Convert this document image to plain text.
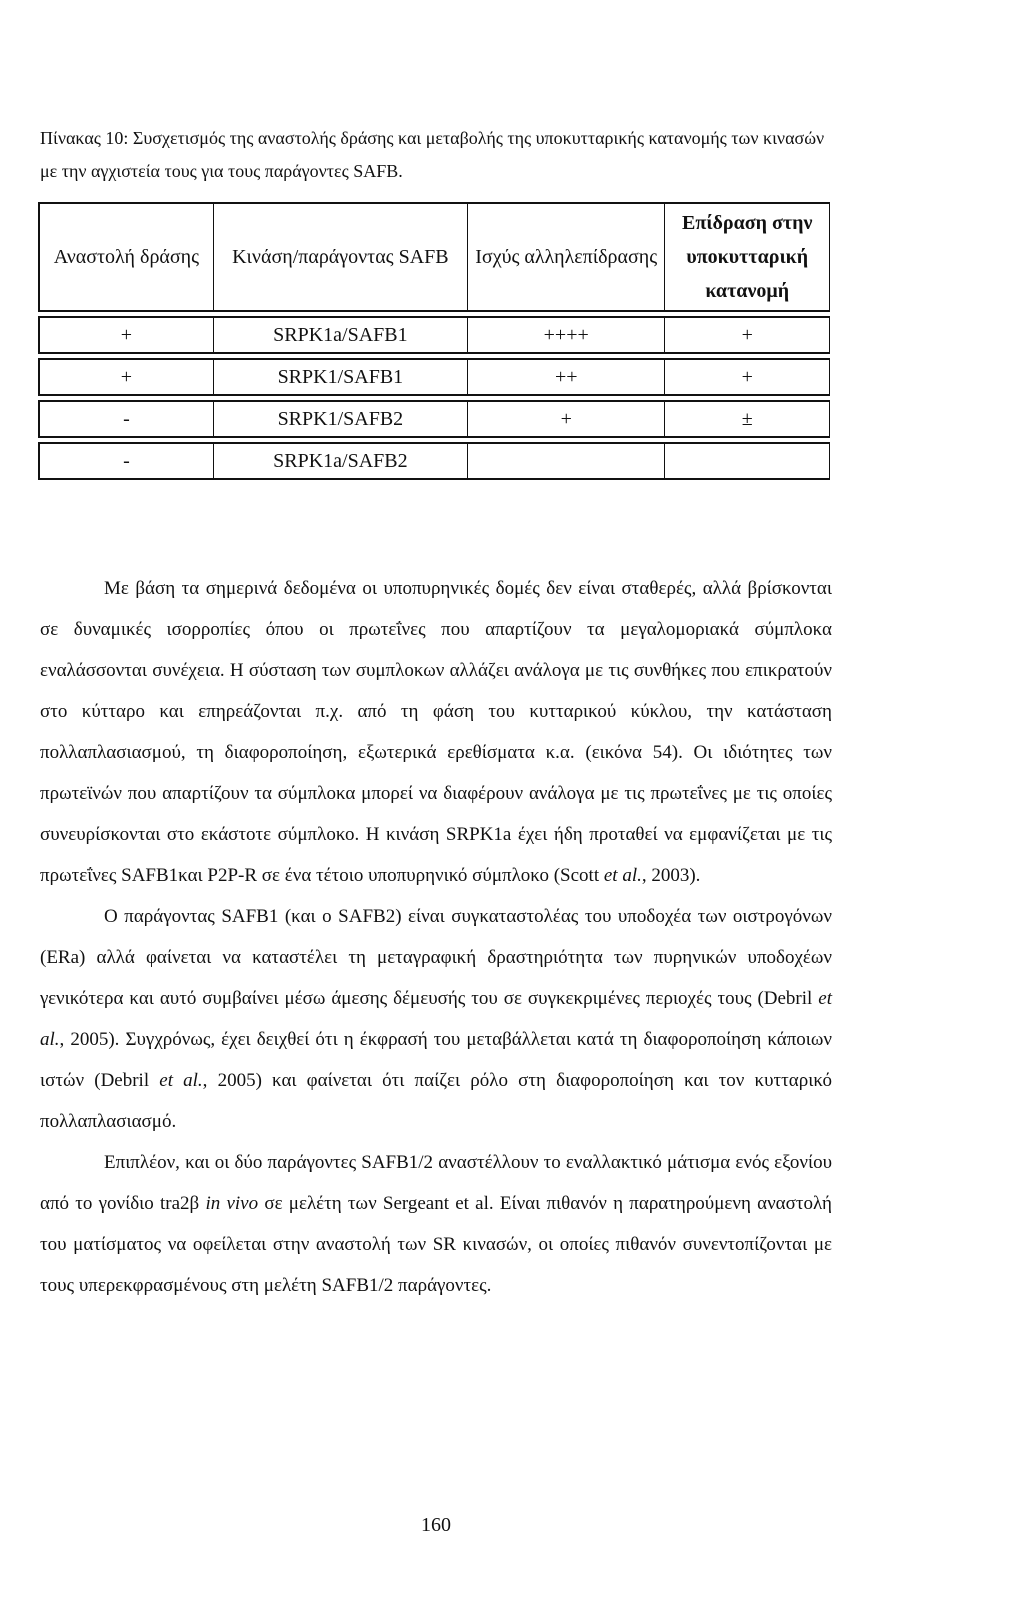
Πίνακας 10: Συσχετισμός της αναστολής δράσης και μεταβολής της υποκυτταρικής κατανομής των κινασών με την αγχιστεία τους για τους παράγοντες SAFB.

Αναστολή δράσης	Κινάση/παράγοντας SAFB	Ισχύς αλληλεπίδρασης	Επίδραση στην υποκυτταρική κατανομή
+	SRPK1a/SAFB1	++++	+
+	SRPK1/SAFB1	++	+
-	SRPK1/SAFB2	+	±
-	SRPK1a/SAFB2		

Με βάση τα σημερινά δεδομένα οι υποπυρηνικές δομές δεν είναι σταθερές, αλλά βρίσκονται σε δυναμικές ισορροπίες όπου οι πρωτεΐνες που απαρτίζουν τα μεγαλομοριακά σύμπλοκα εναλάσσονται συνέχεια. Η σύσταση των συμπλοκων αλλάζει ανάλογα με τις συνθήκες που επικρατούν στο κύτταρο και επηρεάζονται π.χ. από τη φάση του κυτταρικού κύκλου, την κατάσταση πολλαπλασιασμού, τη διαφοροποίηση, εξωτερικά ερεθίσματα κ.α. (εικόνα 54). Οι ιδιότητες των πρωτεϊνών που απαρτίζουν τα σύμπλοκα μπορεί να διαφέρουν ανάλογα με τις πρωτεΐνες με τις οποίες συνευρίσκονται στο εκάστοτε σύμπλοκο. Η κινάση SRPK1a έχει ήδη προταθεί να εμφανίζεται με τις πρωτεΐνες SAFB1και P2P-R σε ένα τέτοιο υποπυρηνικό σύμπλοκο (Scott et al., 2003).

Ο παράγοντας SAFB1 (και ο SAFB2) είναι συγκαταστολέας του υποδοχέα των οιστρογόνων (ERa) αλλά φαίνεται να καταστέλει τη μεταγραφική δραστηριότητα των πυρηνικών υποδοχέων γενικότερα και αυτό συμβαίνει μέσω άμεσης δέμευσής του σε συγκεκριμένες περιοχές τους (Debril et al., 2005). Συγχρόνως, έχει δειχθεί ότι η έκφρασή του μεταβάλλεται κατά τη διαφοροποίηση κάποιων ιστών (Debril et al., 2005) και φαίνεται ότι παίζει ρόλο στη διαφοροποίηση και τον κυτταρικό πολλαπλασιασμό.

Επιπλέον, και οι δύο παράγοντες SAFB1/2 αναστέλλουν το εναλλακτικό μάτισμα ενός εξονίου από το γονίδιο tra2β in vivo σε μελέτη των Sergeant et al. Είναι πιθανόν η παρατηρούμενη αναστολή του ματίσματος να οφείλεται στην αναστολή των SR κινασών, οι οποίες πιθανόν συνεντοπίζονται με τους υπερεκφρασμένους στη μελέτη SAFB1/2 παράγοντες.

160
